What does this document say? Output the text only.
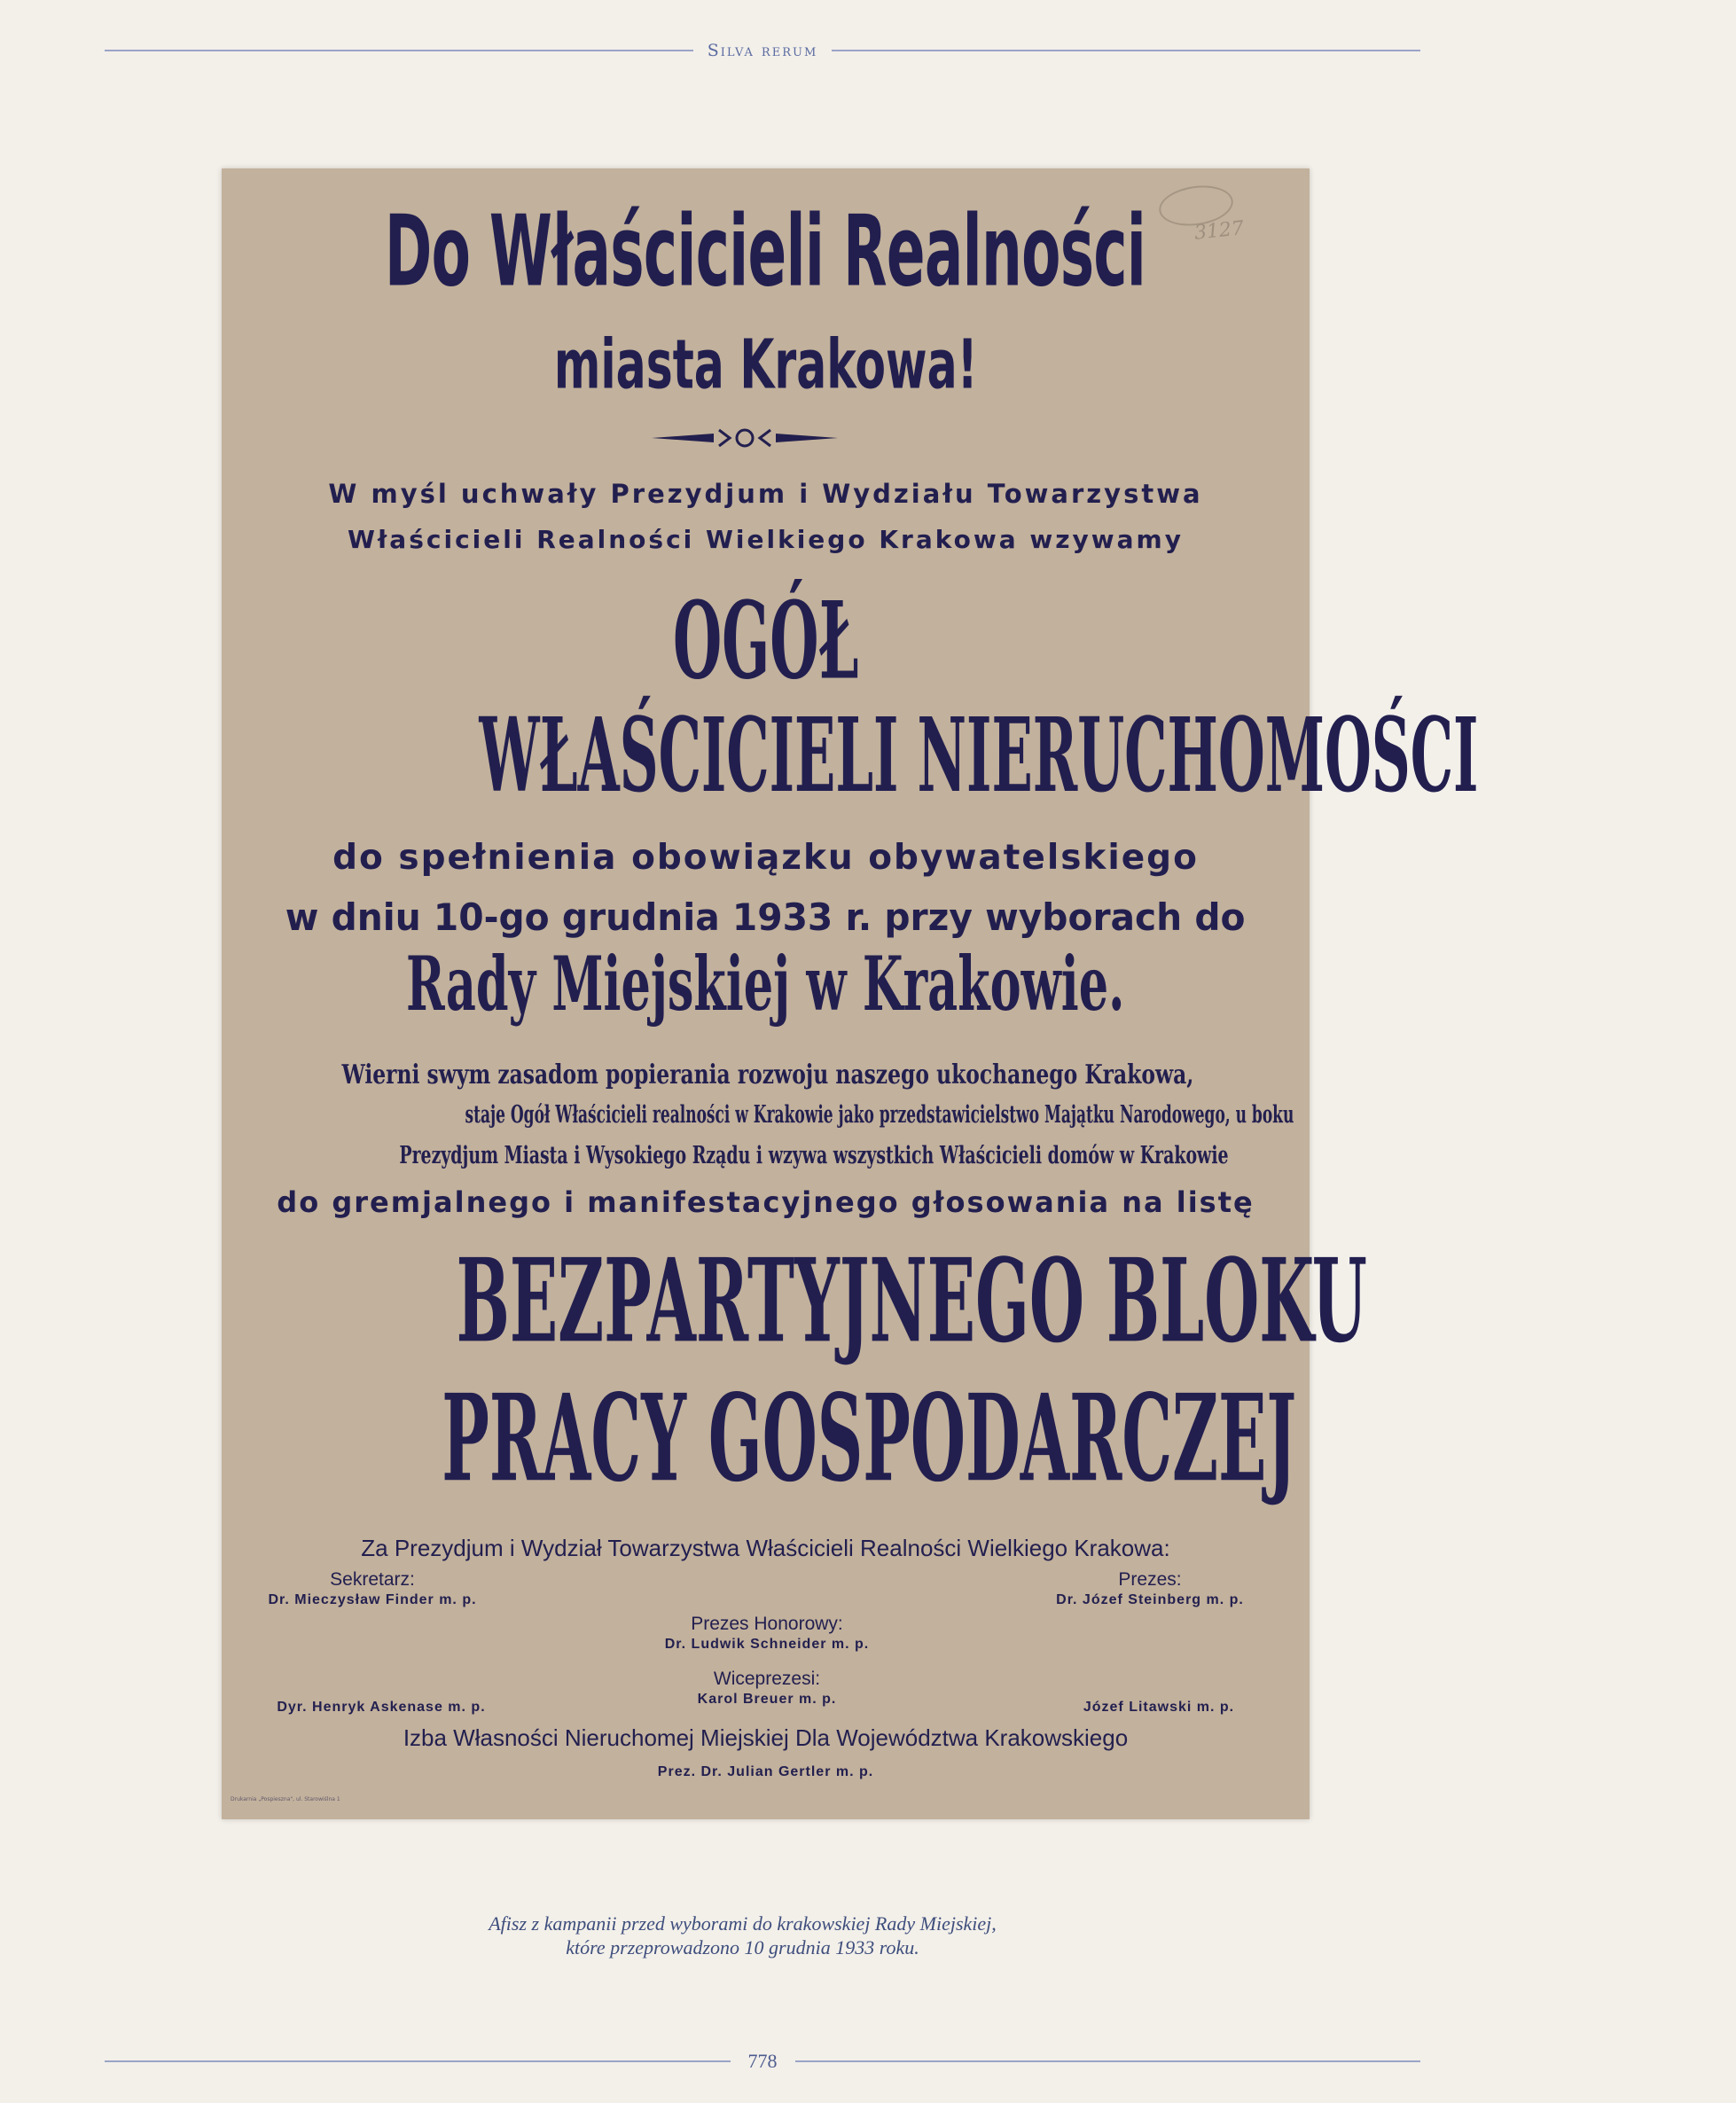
Silva rerum
3127
Do Właścicieli Realności
miasta Krakowa!
W myśl uchwały Prezydjum i Wydziału Towarzystwa
Właścicieli Realności Wielkiego Krakowa wzywamy
OGÓŁ
WŁAŚCICIELI NIERUCHOMOŚCI
do spełnienia obowiązku obywatelskiego
w dniu 10-go grudnia 1933 r. przy wyborach do
Rady Miejskiej w Krakowie.
Wierni swym zasadom popierania rozwoju naszego ukochanego Krakowa,
staje Ogół Właścicieli realności w Krakowie jako przedstawicielstwo Majątku Narodowego, u boku
Prezydjum Miasta i Wysokiego Rządu i wzywa wszystkich Właścicieli domów w Krakowie
do gremjalnego i manifestacyjnego głosowania na listę
BEZPARTYJNEGO BLOKU
PRACY GOSPODARCZEJ
Za Prezydjum i Wydział Towarzystwa Właścicieli Realności Wielkiego Krakowa:
Sekretarz:
Dr. Mieczysław Finder m. p.
Prezes:
Dr. Józef Steinberg m. p.
Prezes Honorowy:
Dr. Ludwik Schneider m. p.
Wiceprezesi:
Karol Breuer m. p.
Dyr. Henryk Askenase m. p.	Józef Litawski m. p.
Izba Własności Nieruchomej Miejskiej Dla Województwa Krakowskiego
Prez. Dr. Julian Gertler m. p.
Drukarnia „Pospieszna", ul. Starowiślna 1
Afisz z kampanii przed wyborami do krakowskiej Rady Miejskiej,
które przeprowadzono 10 grudnia 1933 roku.
778
